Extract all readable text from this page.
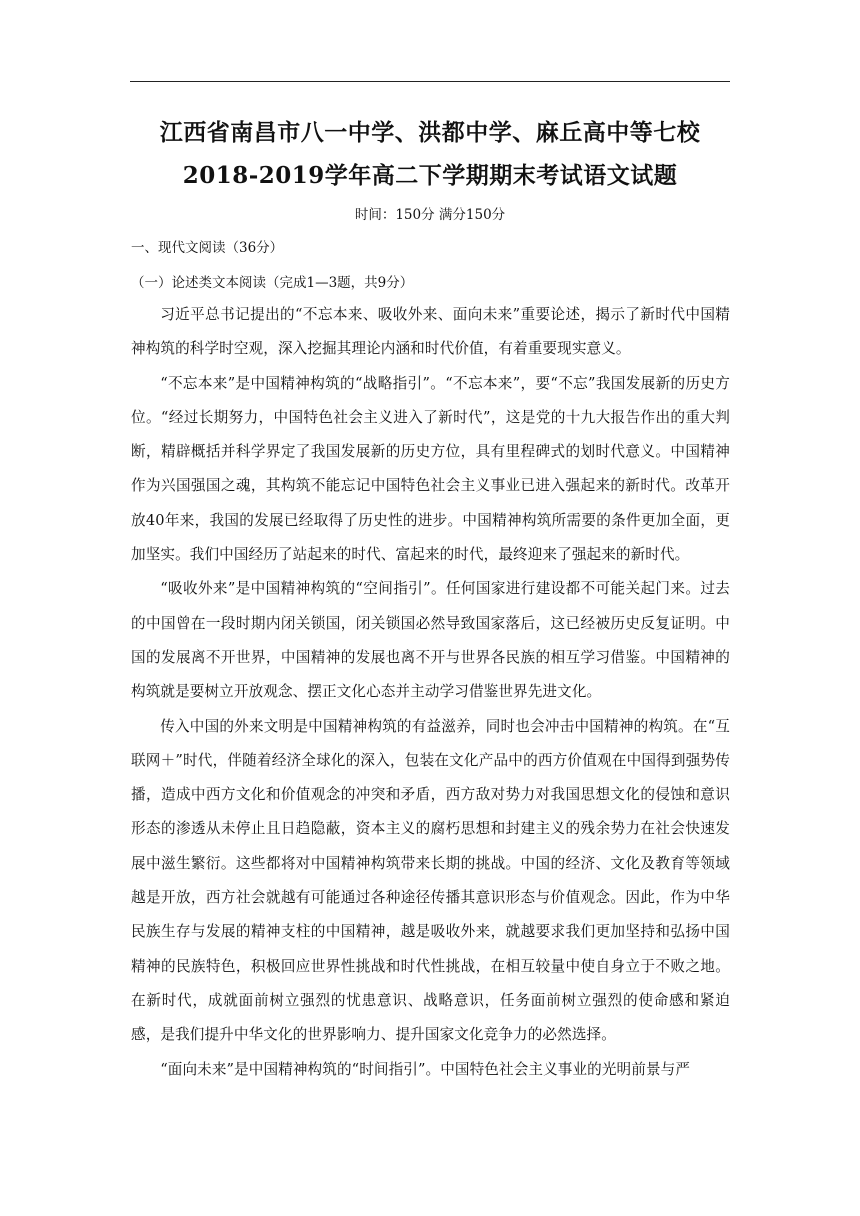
江西省南昌市八一中学、洪都中学、麻丘高中等七校
2018-2019学年高二下学期期末考试语文试题
时间：150分 满分150分
一、现代文阅读（36分）
（一）论述类文本阅读（完成1—3题，共9分）

习近平总书记提出的“不忘本来、吸收外来、面向未来”重要论述，揭示了新时代中国精神构筑的科学时空观，深入挖掘其理论内涵和时代价值，有着重要现实意义。

“不忘本来”是中国精神构筑的“战略指引”。“不忘本来”，要“不忘”我国发展新的历史方位。“经过长期努力，中国特色社会主义进入了新时代”，这是党的十九大报告作出的重大判断，精辟概括并科学界定了我国发展新的历史方位，具有里程碑式的划时代意义。中国精神作为兴国强国之魂，其构筑不能忘记中国特色社会主义事业已进入强起来的新时代。改革开放40年来，我国的发展已经取得了历史性的进步。中国精神构筑所需要的条件更加全面，更加坚实。我们中国经历了站起来的时代、富起来的时代，最终迎来了强起来的新时代。

“吸收外来”是中国精神构筑的“空间指引”。任何国家进行建设都不可能关起门来。过去的中国曾在一段时期内闭关锁国，闭关锁国必然导致国家落后，这已经被历史反复证明。中国的发展离不开世界，中国精神的发展也离不开与世界各民族的相互学习借鉴。中国精神的构筑就是要树立开放观念、摆正文化心态并主动学习借鉴世界先进文化。

传入中国的外来文明是中国精神构筑的有益滋养，同时也会冲击中国精神的构筑。在“互联网＋”时代，伴随着经济全球化的深入，包装在文化产品中的西方价值观在中国得到强势传播，造成中西方文化和价值观念的冲突和矛盾，西方敌对势力对我国思想文化的侵蚀和意识形态的渗透从未停止且日趋隐蔽，资本主义的腐朽思想和封建主义的残余势力在社会快速发展中滋生繁衍。这些都将对中国精神构筑带来长期的挑战。中国的经济、文化及教育等领域越是开放，西方社会就越有可能通过各种途径传播其意识形态与价值观念。因此，作为中华民族生存与发展的精神支柱的中国精神，越是吸收外来，就越要求我们更加坚持和弘扬中国精神的民族特色，积极回应世界性挑战和时代性挑战，在相互较量中使自身立于不败之地。在新时代，成就面前树立强烈的忧患意识、战略意识，任务面前树立强烈的使命感和紧迫感，是我们提升中华文化的世界影响力、提升国家文化竞争力的必然选择。

“面向未来”是中国精神构筑的“时间指引”。中国特色社会主义事业的光明前景与严
